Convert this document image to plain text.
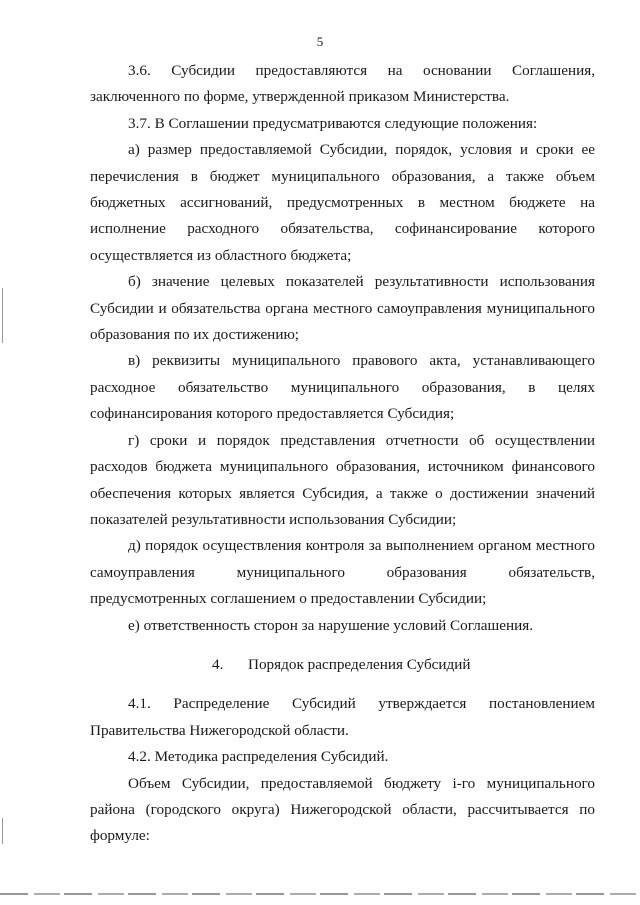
5

3.6. Субсидии предоставляются на основании Соглашения, заключенного по форме, утвержденной приказом Министерства.

3.7. В Соглашении предусматриваются следующие положения:

а) размер предоставляемой Субсидии, порядок, условия и сроки ее перечисления в бюджет муниципального образования, а также объем бюджетных ассигнований, предусмотренных в местном бюджете на исполнение расходного обязательства, софинансирование которого осуществляется из областного бюджета;

б) значение целевых показателей результативности использования Субсидии и обязательства органа местного самоуправления муниципального образования по их достижению;

в) реквизиты муниципального правового акта, устанавливающего расходное обязательство муниципального образования, в целях софинансирования которого предоставляется Субсидия;

г) сроки и порядок представления отчетности об осуществлении расходов бюджета муниципального образования, источником финансового обеспечения которых является Субсидия, а также о достижении значений показателей результативности использования Субсидии;

д) порядок осуществления контроля за выполнением органом местного самоуправления муниципального образования обязательств, предусмотренных соглашением о предоставлении Субсидии;

е) ответственность сторон за нарушение условий Соглашения.

4. Порядок распределения Субсидий

4.1. Распределение Субсидий утверждается постановлением Правительства Нижегородской области.

4.2. Методика распределения Субсидий.

Объем Субсидии, предоставляемой бюджету i-го муниципального района (городского округа) Нижегородской области, рассчитывается по формуле:
